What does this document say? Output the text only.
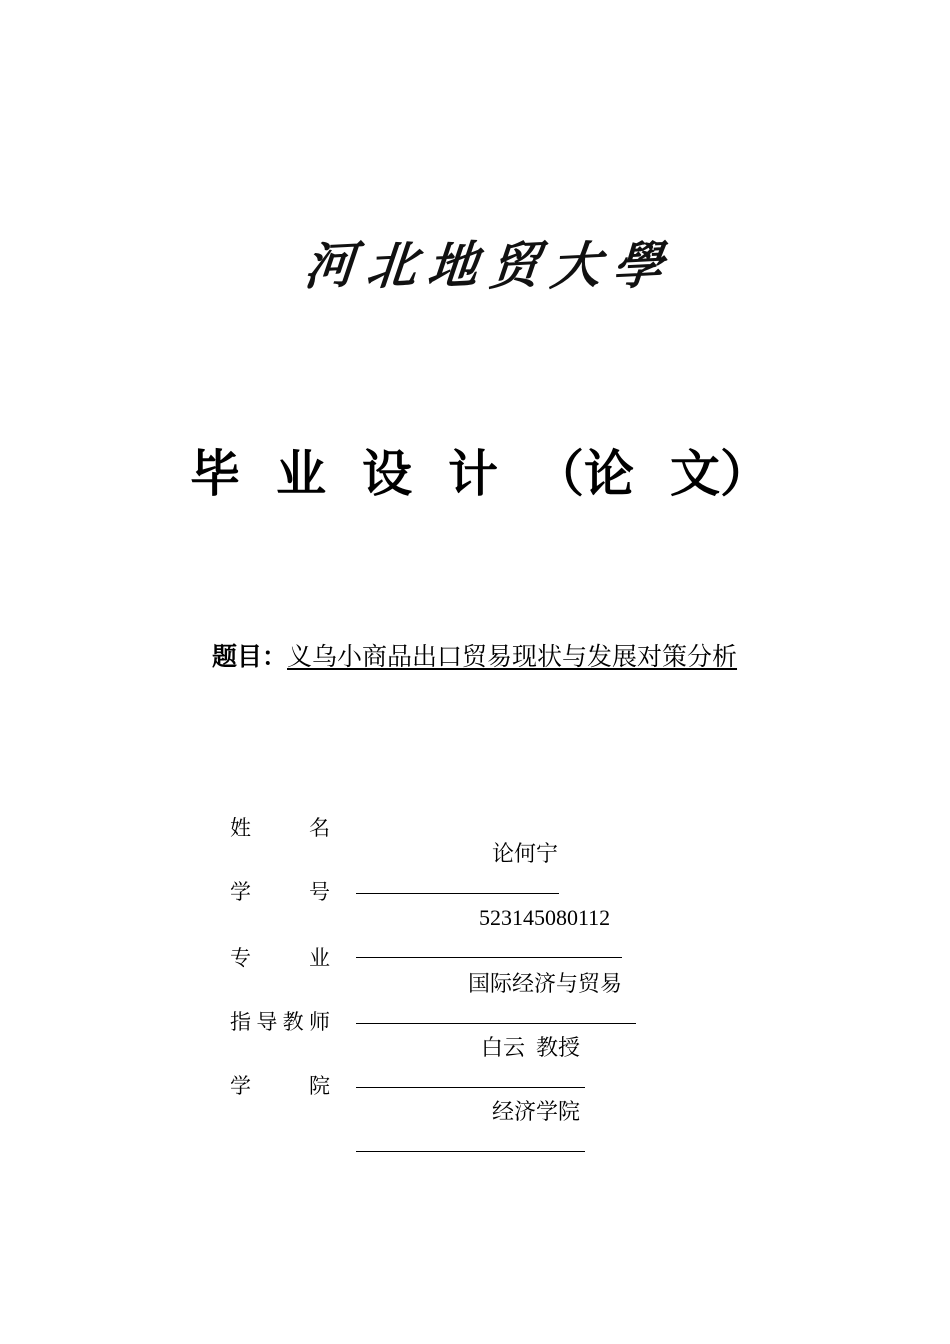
河 北 地 贸 大 學
毕 业 设 计 （论 文）
题目： 义乌小商品出口贸易现状与发展对策分析
姓	名

论何宁

学	号

523145080112

专	业

国际经济与贸易

指 导 教 师

白云  教授

学	院

经济学院
